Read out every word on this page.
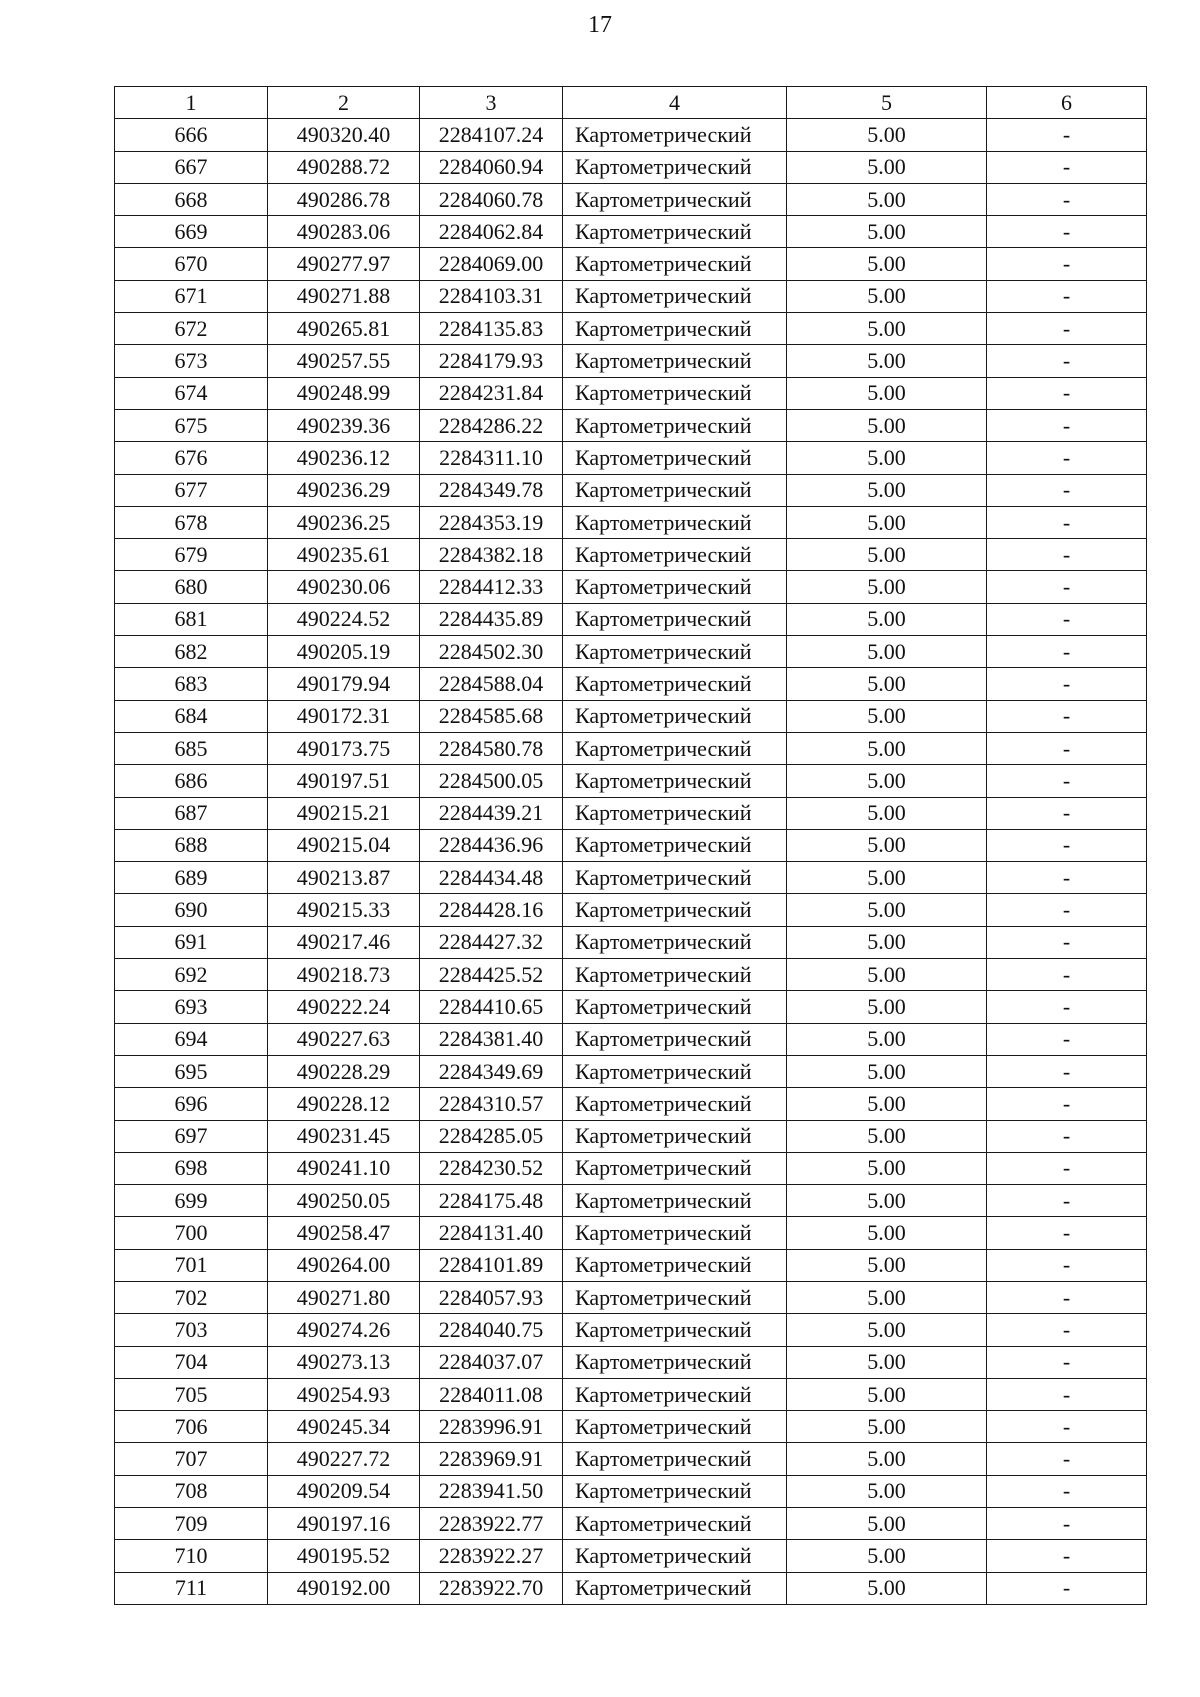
17
1	2	3	4	5	6
666	490320.40	2284107.24	Картометрический	5.00	-
667	490288.72	2284060.94	Картометрический	5.00	-
668	490286.78	2284060.78	Картометрический	5.00	-
669	490283.06	2284062.84	Картометрический	5.00	-
670	490277.97	2284069.00	Картометрический	5.00	-
671	490271.88	2284103.31	Картометрический	5.00	-
672	490265.81	2284135.83	Картометрический	5.00	-
673	490257.55	2284179.93	Картометрический	5.00	-
674	490248.99	2284231.84	Картометрический	5.00	-
675	490239.36	2284286.22	Картометрический	5.00	-
676	490236.12	2284311.10	Картометрический	5.00	-
677	490236.29	2284349.78	Картометрический	5.00	-
678	490236.25	2284353.19	Картометрический	5.00	-
679	490235.61	2284382.18	Картометрический	5.00	-
680	490230.06	2284412.33	Картометрический	5.00	-
681	490224.52	2284435.89	Картометрический	5.00	-
682	490205.19	2284502.30	Картометрический	5.00	-
683	490179.94	2284588.04	Картометрический	5.00	-
684	490172.31	2284585.68	Картометрический	5.00	-
685	490173.75	2284580.78	Картометрический	5.00	-
686	490197.51	2284500.05	Картометрический	5.00	-
687	490215.21	2284439.21	Картометрический	5.00	-
688	490215.04	2284436.96	Картометрический	5.00	-
689	490213.87	2284434.48	Картометрический	5.00	-
690	490215.33	2284428.16	Картометрический	5.00	-
691	490217.46	2284427.32	Картометрический	5.00	-
692	490218.73	2284425.52	Картометрический	5.00	-
693	490222.24	2284410.65	Картометрический	5.00	-
694	490227.63	2284381.40	Картометрический	5.00	-
695	490228.29	2284349.69	Картометрический	5.00	-
696	490228.12	2284310.57	Картометрический	5.00	-
697	490231.45	2284285.05	Картометрический	5.00	-
698	490241.10	2284230.52	Картометрический	5.00	-
699	490250.05	2284175.48	Картометрический	5.00	-
700	490258.47	2284131.40	Картометрический	5.00	-
701	490264.00	2284101.89	Картометрический	5.00	-
702	490271.80	2284057.93	Картометрический	5.00	-
703	490274.26	2284040.75	Картометрический	5.00	-
704	490273.13	2284037.07	Картометрический	5.00	-
705	490254.93	2284011.08	Картометрический	5.00	-
706	490245.34	2283996.91	Картометрический	5.00	-
707	490227.72	2283969.91	Картометрический	5.00	-
708	490209.54	2283941.50	Картометрический	5.00	-
709	490197.16	2283922.77	Картометрический	5.00	-
710	490195.52	2283922.27	Картометрический	5.00	-
711	490192.00	2283922.70	Картометрический	5.00	-
